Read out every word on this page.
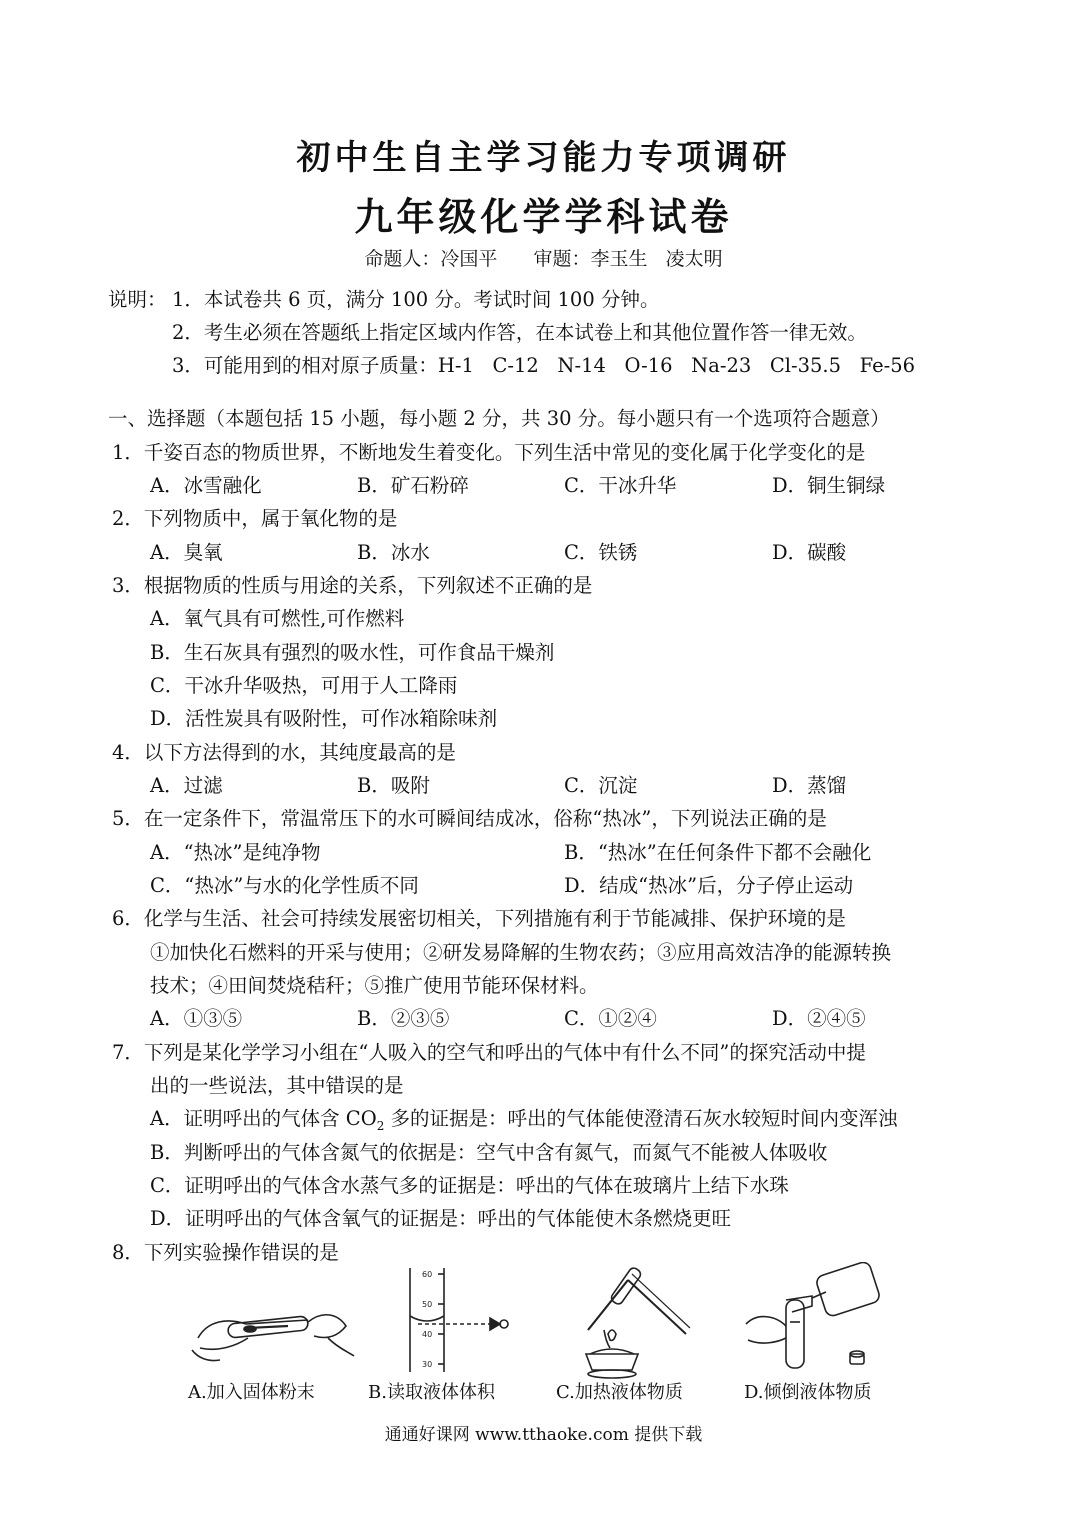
初中生自主学习能力专项调研
九年级化学学科试卷
命题人：冷国平      审题：李玉生   凌太明
说明： 1．本试卷共 6 页，满分 100 分。考试时间 100 分钟。
2．考生必须在答题纸上指定区域内作答，在本试卷上和其他位置作答一律无效。
3．可能用到的相对原子质量：H-1   C-12   N-14   O-16   Na-23   Cl-35.5   Fe-56
一、选择题（本题包括 15 小题，每小题 2 分，共 30 分。每小题只有一个选项符合题意）
1．千姿百态的物质世界，不断地发生着变化。下列生活中常见的变化属于化学变化的是
A．冰雪融化	B．矿石粉碎	C．干冰升华	D．铜生铜绿
2．下列物质中，属于氧化物的是
A．臭氧	B．冰水	C．铁锈	D．碳酸
3．根据物质的性质与用途的关系，下列叙述不正确的是
A．氧气具有可燃性,可作燃料
B．生石灰具有强烈的吸水性，可作食品干燥剂
C．干冰升华吸热，可用于人工降雨
D．活性炭具有吸附性，可作冰箱除味剂
4．以下方法得到的水，其纯度最高的是
A．过滤	B．吸附	C．沉淀	D．蒸馏
5．在一定条件下，常温常压下的水可瞬间结成冰，俗称“热冰”，下列说法正确的是
A．“热冰”是纯净物	B．“热冰”在任何条件下都不会融化
C．“热冰”与水的化学性质不同	D．结成“热冰”后，分子停止运动
6．化学与生活、社会可持续发展密切相关，下列措施有利于节能减排、保护环境的是
①加快化石燃料的开采与使用；②研发易降解的生物农药；③应用高效洁净的能源转换
技术；④田间焚烧秸秆；⑤推广使用节能环保材料。
A．①③⑤	B．②③⑤	C．①②④	D．②④⑤
7．下列是某化学学习小组在“人吸入的空气和呼出的气体中有什么不同”的探究活动中提
出的一些说法，其中错误的是
A．证明呼出的气体含 $CO_2$ 多的证据是：呼出的气体能使澄清石灰水较短时间内变浑浊
B．判断呼出的气体含氮气的依据是：空气中含有氮气，而氮气不能被人体吸收
C．证明呼出的气体含水蒸气多的证据是：呼出的气体在玻璃片上结下水珠
D．证明呼出的气体含氧气的证据是：呼出的气体能使木条燃烧更旺
8．下列实验操作错误的是
A.加入固体粉末
60
50
40
30
B.读取液体体积	C.加热液体物质	D.倾倒液体物质
通通好课网 www.tthaoke.com 提供下载
